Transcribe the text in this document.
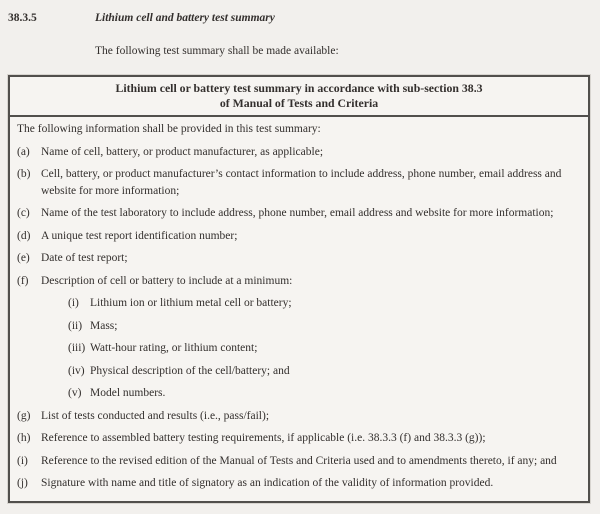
38.3.5	Lithium cell and battery test summary
The following test summary shall be made available:
Lithium cell or battery test summary in accordance with sub-section 38.3
of Manual of Tests and Criteria
The following information shall be provided in this test summary:
(a) Name of cell, battery, or product manufacturer, as applicable;
(b) Cell, battery, or product manufacturer’s contact information to include address, phone number, email address and website for more information;
(c) Name of the test laboratory to include address, phone number, email address and website for more information;
(d) A unique test report identification number;
(e) Date of test report;
(f)	Description of cell or battery to include at a minimum:
(i) Lithium ion or lithium metal cell or battery;
(ii) Mass;
(iii) Watt-hour rating, or lithium content;
(iv) Physical description of the cell/battery; and
(v) Model numbers.
(g) List of tests conducted and results (i.e., pass/fail);
(h) Reference to assembled battery testing requirements, if applicable (i.e. 38.3.3 (f) and 38.3.3 (g));
(i)	Reference to the revised edition of the Manual of Tests and Criteria used and to amendments thereto, if any; and
(j)	Signature with name and title of signatory as an indication of the validity of information provided.
